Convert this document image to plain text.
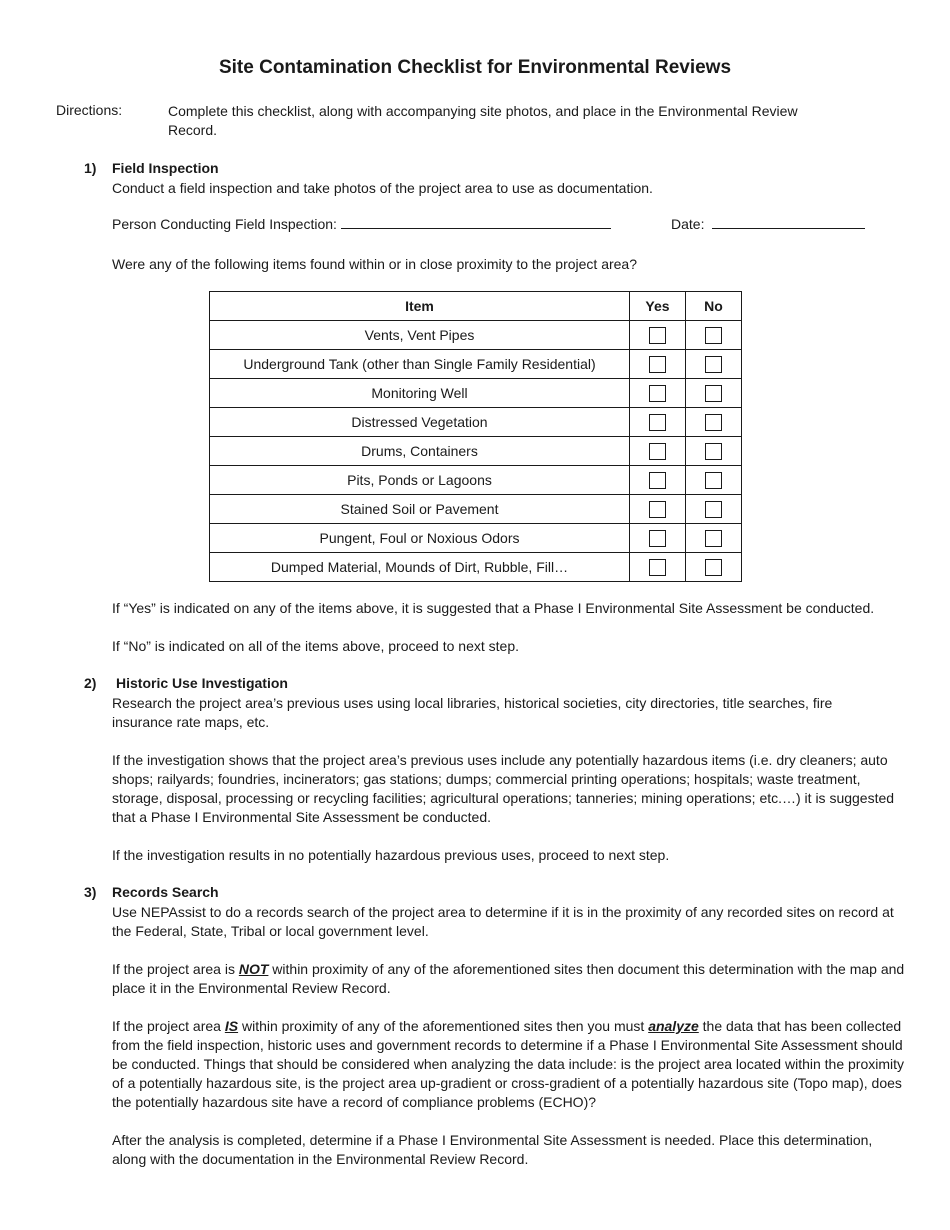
Site Contamination Checklist for Environmental Reviews
Directions:	Complete this checklist, along with accompanying site photos, and place in the Environmental Review Record.
1) Field Inspection
Conduct a field inspection and take photos of the project area to use as documentation.
Person Conducting Field Inspection:	Date:
Were any of the following items found within or in close proximity to the project area?
Item	Yes	No
Vents, Vent Pipes		
Underground Tank (other than Single Family Residential)		
Monitoring Well		
Distressed Vegetation		
Drums, Containers		
Pits, Ponds or Lagoons		
Stained Soil or Pavement		
Pungent, Foul or Noxious Odors		
Dumped Material, Mounds of Dirt, Rubble, Fill…		
If “Yes” is indicated on any of the items above, it is suggested that a Phase I Environmental Site Assessment be conducted.
If “No” is indicated on all of the items above, proceed to next step.
2) Historic Use Investigation
Research the project area’s previous uses using local libraries, historical societies, city directories, title searches, fire insurance rate maps, etc.
If the investigation shows that the project area’s previous uses include any potentially hazardous items (i.e. dry cleaners; auto shops; railyards; foundries, incinerators; gas stations; dumps; commercial printing operations; hospitals; waste treatment, storage, disposal, processing or recycling facilities; agricultural operations; tanneries; mining operations; etc.…) it is suggested that a Phase I Environmental Site Assessment be conducted.
If the investigation results in no potentially hazardous previous uses, proceed to next step.
3) Records Search
Use NEPAssist to do a records search of the project area to determine if it is in the proximity of any recorded sites on record at the Federal, State, Tribal or local government level.
If the project area is NOT within proximity of any of the aforementioned sites then document this determination with the map and place it in the Environmental Review Record.
If the project area IS within proximity of any of the aforementioned sites then you must analyze the data that has been collected from the field inspection, historic uses and government records to determine if a Phase I Environmental Site Assessment should be conducted. Things that should be considered when analyzing the data include: is the project area located within the proximity of a potentially hazardous site, is the project area up-gradient or cross-gradient of a potentially hazardous site (Topo map), does the potentially hazardous site have a record of compliance problems (ECHO)?
After the analysis is completed, determine if a Phase I Environmental Site Assessment is needed. Place this determination, along with the documentation in the Environmental Review Record.
